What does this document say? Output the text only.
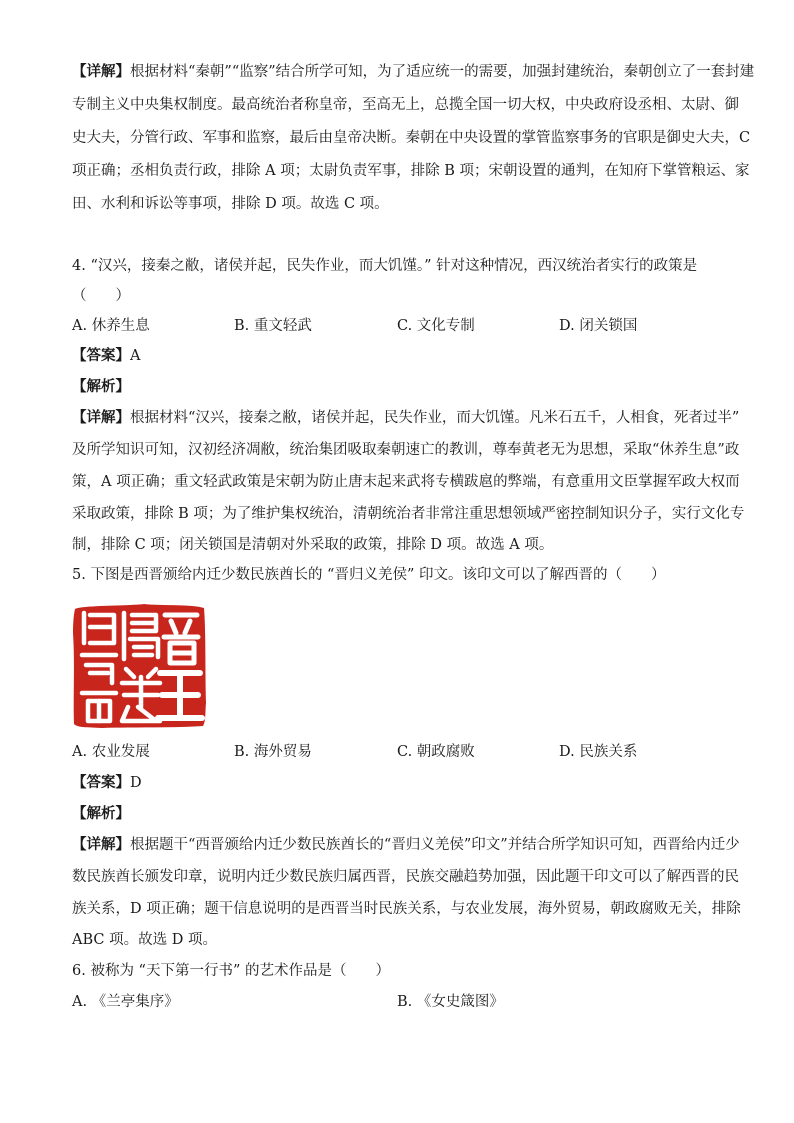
【详解】根据材料“秦朝”“监察”结合所学可知，为了适应统一的需要，加强封建统治，秦朝创立了一套封建
专制主义中央集权制度。最高统治者称皇帝，至高无上，总揽全国一切大权，中央政府设丞相、太尉、御
史大夫，分管行政、军事和监察，最后由皇帝决断。秦朝在中央设置的掌管监察事务的官职是御史大夫，C
项正确；丞相负责行政，排除 A 项；太尉负责军事，排除 B 项；宋朝设置的通判，在知府下掌管粮运、家
田、水利和诉讼等事项，排除 D 项。故选 C 项。
4. “汉兴，接秦之敝，诸侯并起，民失作业，而大饥馑。” 针对这种情况，西汉统治者实行的政策是
（　　）
A. 休养生息	B. 重文轻武	C. 文化专制	D. 闭关锁国
【答案】A
【解析】
【详解】根据材料“汉兴，接秦之敝，诸侯并起，民失作业，而大饥馑。凡米石五千，人相食，死者过半”
及所学知识可知，汉初经济凋敝，统治集团吸取秦朝速亡的教训，尊奉黄老无为思想，采取“休养生息”政
策，A 项正确；重文轻武政策是宋朝为防止唐末起来武将专横跋扈的弊端，有意重用文臣掌握军政大权而
采取政策，排除 B 项；为了维护集权统治，清朝统治者非常注重思想领域严密控制知识分子，实行文化专
制，排除 C 项；闭关锁国是清朝对外采取的政策，排除 D 项。故选 A 项。
5. 下图是西晋颁给内迁少数民族酋长的 “晋归义羌侯” 印文。该印文可以了解西晋的（　　）
A. 农业发展	B. 海外贸易	C. 朝政腐败	D. 民族关系
【答案】D
【解析】
【详解】根据题干“西晋颁给内迁少数民族酋长的“晋归义羌侯”印文”并结合所学知识可知，西晋给内迁少
数民族酋长颁发印章，说明内迁少数民族归属西晋，民族交融趋势加强，因此题干印文可以了解西晋的民
族关系，D 项正确；题干信息说明的是西晋当时民族关系，与农业发展，海外贸易，朝政腐败无关，排除
ABC 项。故选 D 项。
6. 被称为 “天下第一行书” 的艺术作品是（　　）
A. 《兰亭集序》	B. 《女史箴图》
